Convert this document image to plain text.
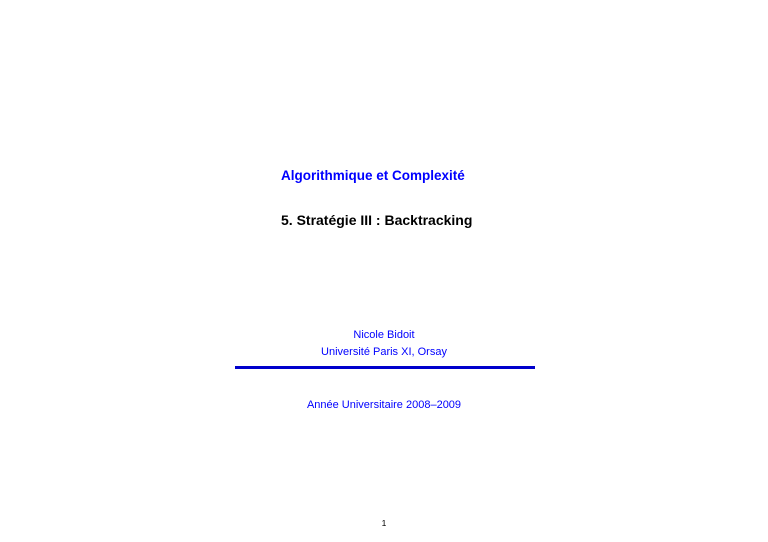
Algorithmique et Complexité
5. Stratégie III : Backtracking
Nicole Bidoit
Université Paris XI, Orsay
Année Universitaire 2008–2009
1
